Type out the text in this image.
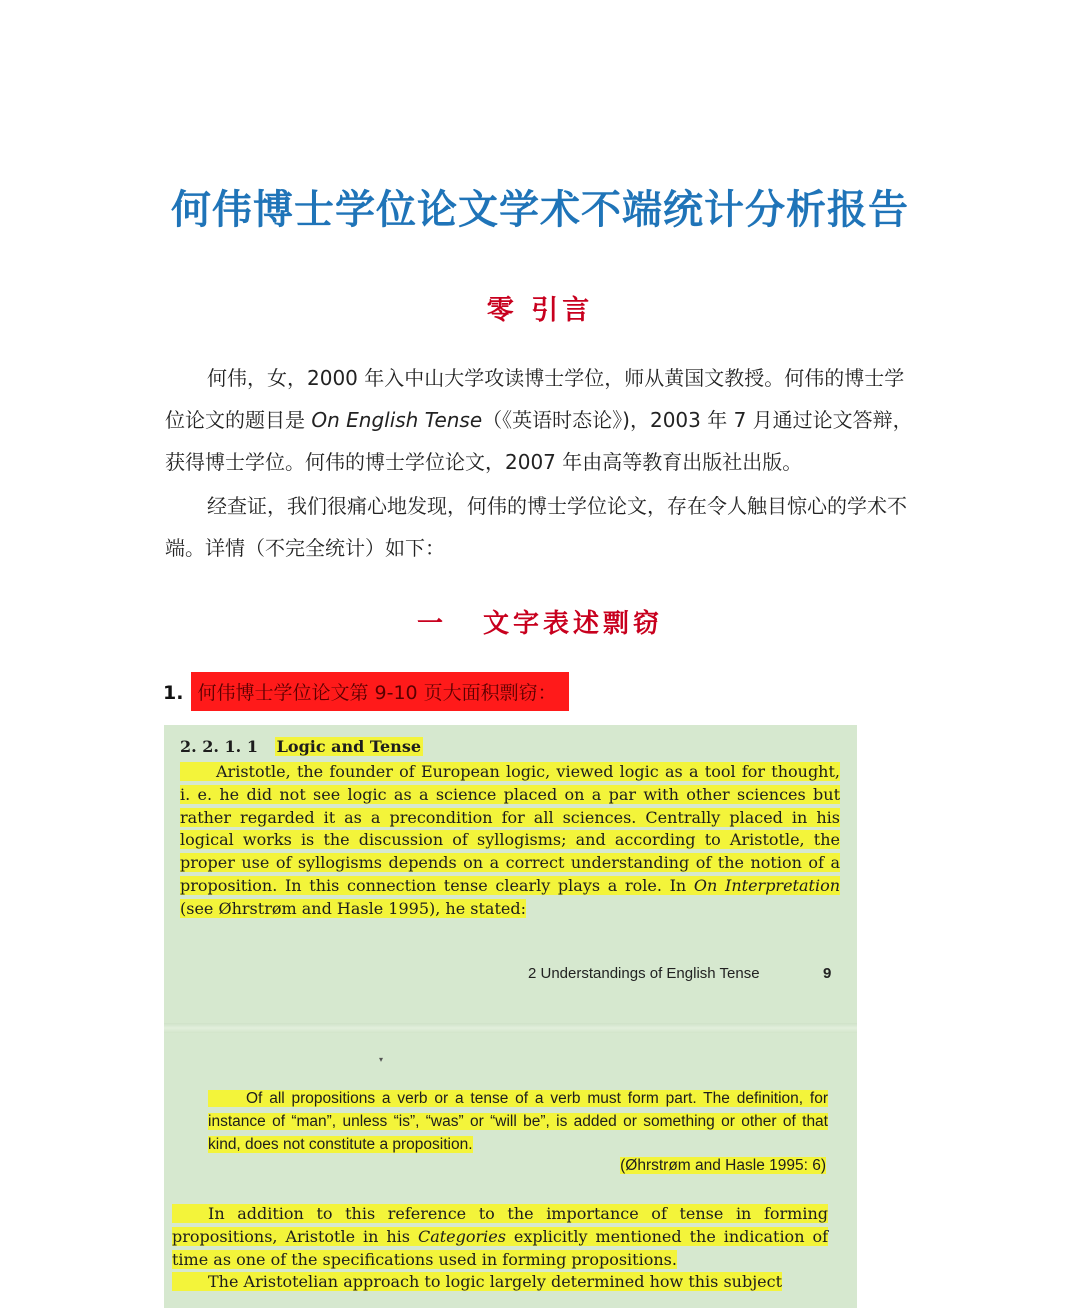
何伟博士学位论文学术不端统计分析报告
零 引言
何伟，女，2000 年入中山大学攻读博士学位，师从黄国文教授。何伟的博士学位论文的题目是 On English Tense（《英语时态论》)，2003 年 7 月通过论文答辩，获得博士学位。何伟的博士学位论文，2007 年由高等教育出版社出版。
经查证，我们很痛心地发现，何伟的博士学位论文，存在令人触目惊心的学术不端。详情（不完全统计）如下：
一 文字表述剽窃
1. 何伟博士学位论文第 9-10 页大面积剽窃：
2. 2. 1. 1 Logic and Tense
Aristotle, the founder of European logic, viewed logic as a tool for thought, i. e. he did not see logic as a science placed on a par with other sciences but rather regarded it as a precondition for all sciences. Centrally placed in his logical works is the discussion of syllogisms; and according to Aristotle, the proper use of syllogisms depends on a correct understanding of the notion of a proposition. In this connection tense clearly plays a role. In On Interpretation (see Øhrstrøm and Hasle 1995), he stated:
2 Understandings of English Tense	9
▾
Of all propositions a verb or a tense of a verb must form part. The definition, for instance of “man”, unless “is”, “was” or “will be”, is added or something or other of that kind, does not constitute a proposition.
(Øhrstrøm and Hasle 1995: 6)
In addition to this reference to the importance of tense in forming propositions, Aristotle in his Categories explicitly mentioned the indication of time as one of the specifications used in forming propositions.
The Aristotelian approach to logic largely determined how this subject
